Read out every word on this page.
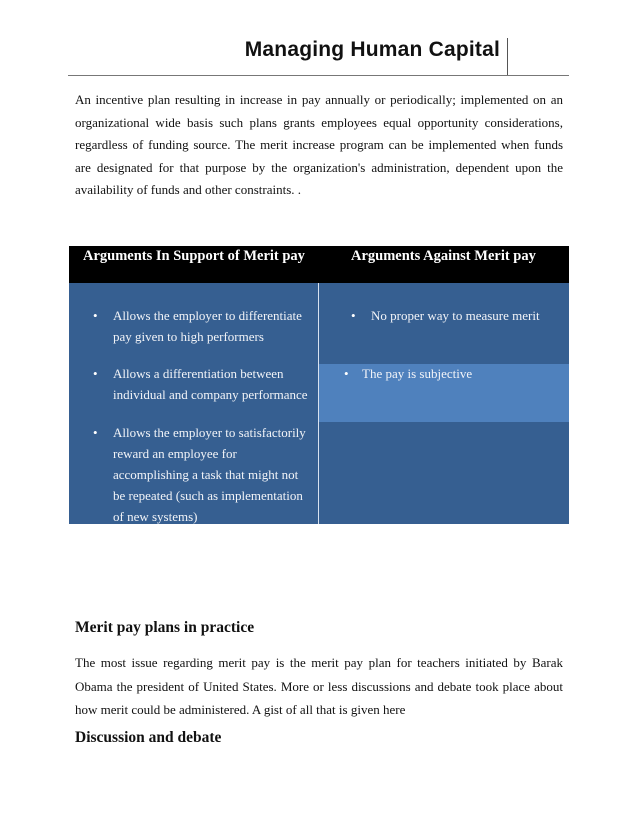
Managing Human Capital

An incentive plan resulting in increase in pay annually or periodically; implemented on an organizational wide basis such plans grants employees equal opportunity considerations, regardless of funding source. The merit increase program can be implemented when funds are designated for that purpose by the organization's administration, dependent upon the availability of funds and other constraints. .

Arguments In Support of Merit pay	Arguments Against Merit pay
• Allows the employer to differentiate pay given to high performers
• Allows a differentiation between individual and company performance
• Allows the employer to satisfactorily reward an employee for accomplishing a task that might not be repeated (such as implementation of new systems)
• No proper way to measure merit
• The pay is subjective
Merit pay plans in practice

The most issue regarding merit pay is the merit pay plan for teachers initiated by Barak Obama the president of United States. More or less discussions and debate took place about how merit could be administered. A gist of all that is given here

Discussion and debate
